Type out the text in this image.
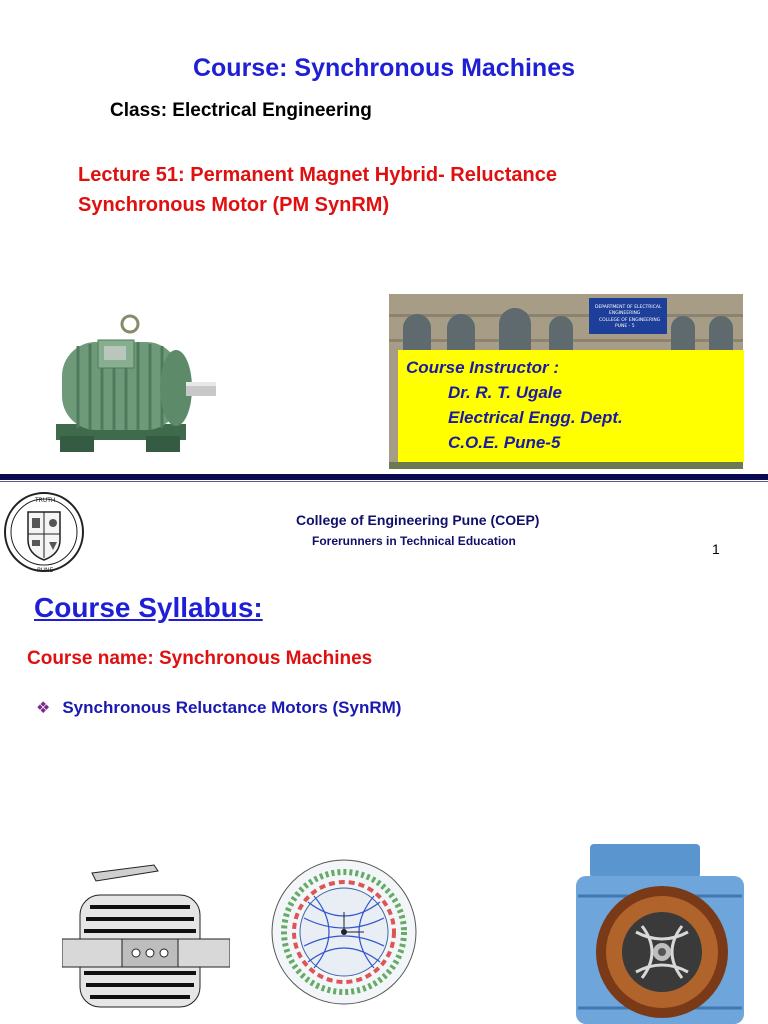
Course: Synchronous Machines
Class: Electrical Engineering
Lecture 51: Permanent Magnet Hybrid- Reluctance
Synchronous Motor (PM SynRM)
DEPARTMENT OF ELECTRICAL
ENGINEERING
COLLEGE OF ENGINEERING
PUNE - 5
Course Instructor :
Dr. R. T. Ugale
Electrical Engg. Dept.
C.O.E. Pune-5
TRUTH
PUNE
College of Engineering Pune (COEP)
Forerunners in Technical Education	1
Course Syllabus:
Course name: Synchronous Machines
❖ Synchronous Reluctance Motors (SynRM)
